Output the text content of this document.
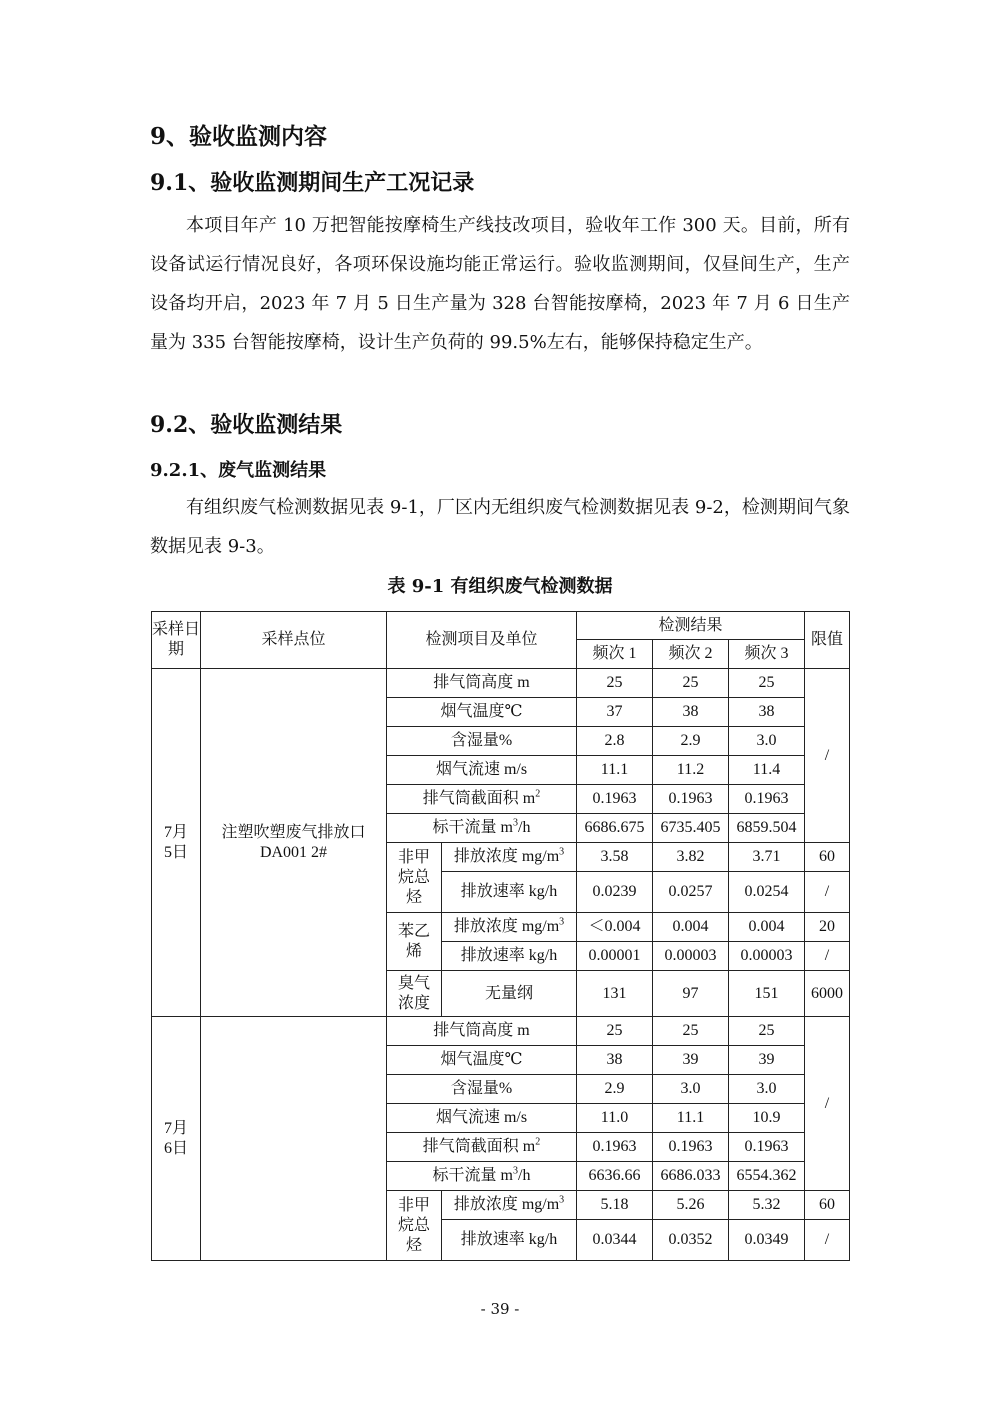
9、验收监测内容
9.1、验收监测期间生产工况记录
本项目年产 10 万把智能按摩椅生产线技改项目，验收年工作 300 天。目前，所有设备试运行情况良好，各项环保设施均能正常运行。验收监测期间，仅昼间生产，生产设备均开启，2023 年 7 月 5 日生产量为 328 台智能按摩椅，2023 年 7 月 6 日生产量为 335 台智能按摩椅，设计生产负荷的 99.5%左右，能够保持稳定生产。
9.2、验收监测结果
9.2.1、废气监测结果
有组织废气检测数据见表 9-1，厂区内无组织废气检测数据见表 9-2，检测期间气象数据见表 9-3。
表 9-1 有组织废气检测数据
采样日期	采样点位	检测项目及单位		检测结果			限值
				频次 1	频次 2	频次 3	
7月5日	注塑吹塑废气排放口 DA001 2#	排气筒高度 m		25	25	25	/
		烟气温度℃		37	38	38	
		含湿量%		2.8	2.9	3.0	
		烟气流速 m/s		11.1	11.2	11.4	
		排气筒截面积 $m^2$		0.1963	0.1963	0.1963	
		标干流量 $m^3/h$		6686.675	6735.405	6859.504	
		非甲烷总烃	排放浓度 $mg/m^3$	3.58	3.82	3.71	60
			排放速率 kg/h	0.0239	0.0257	0.0254	/
		苯乙烯	排放浓度 $mg/m^3$	＜0.004	0.004	0.004	20
			排放速率 kg/h	0.00001	0.00003	0.00003	/
		臭气浓度	无量纲	131	97	151	6000

7月6日		排气筒高度 m		25	25	25	/
		烟气温度℃		38	39	39	
		含湿量%		2.9	3.0	3.0	
		烟气流速 m/s		11.0	11.1	10.9	
		排气筒截面积 $m^2$		0.1963	0.1963	0.1963	
		标干流量 $m^3/h$		6636.66	6686.033	6554.362	
		非甲烷总烃	排放浓度 $mg/m^3$	5.18	5.26	5.32	60
			排放速率 kg/h	0.0344	0.0352	0.0349	/
- 39 -
